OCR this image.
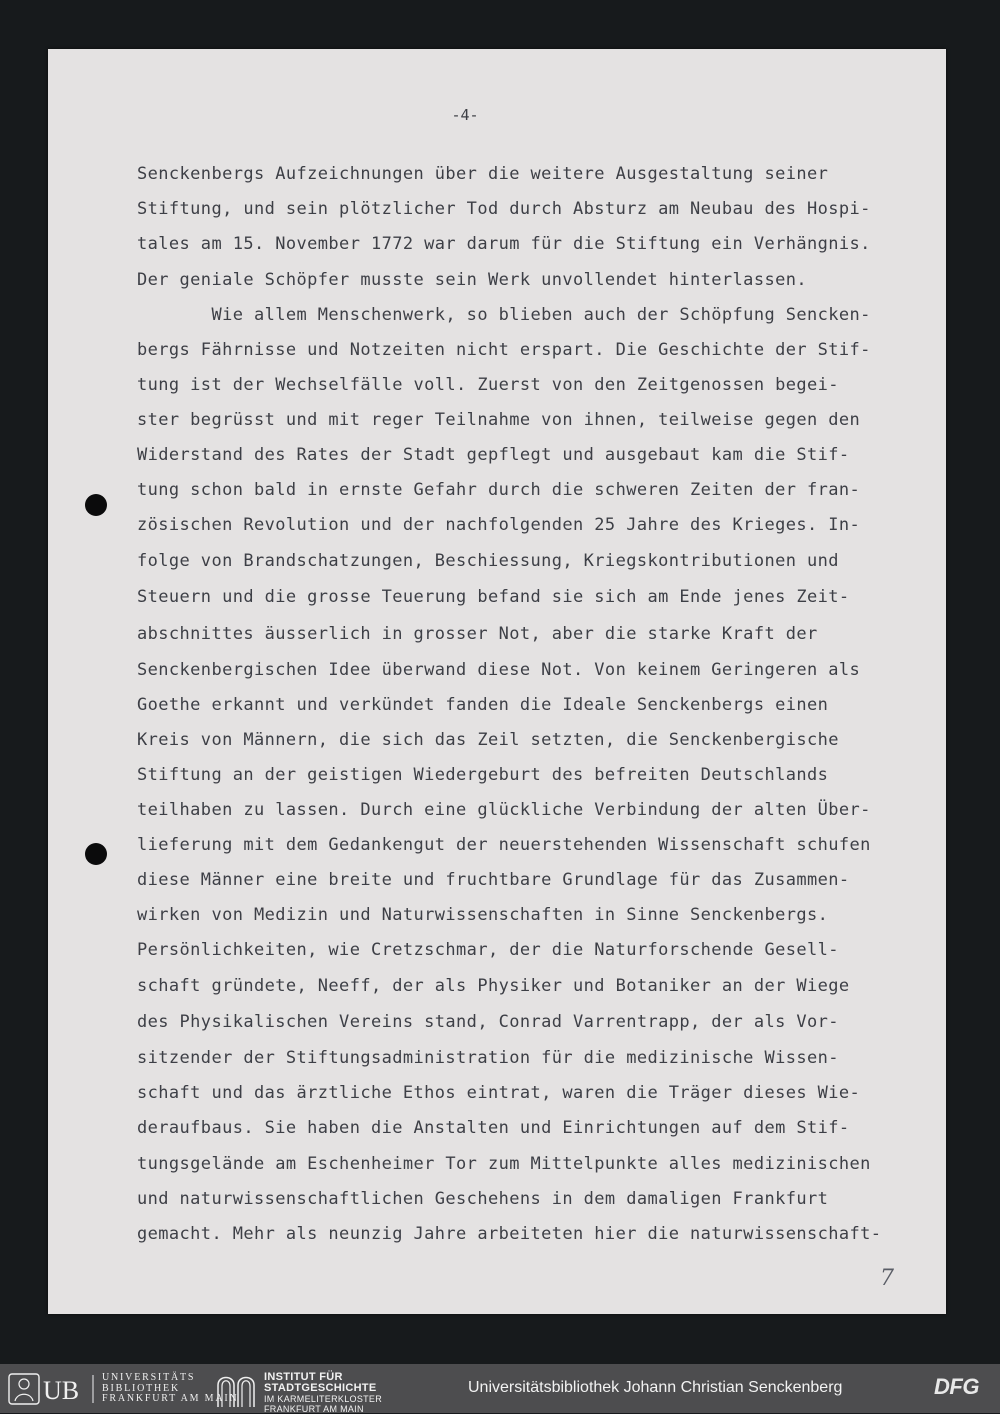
-4-
Senckenbergs Aufzeichnungen über die weitere Ausgestaltung seiner
Stiftung, und sein plötzlicher Tod durch Absturz am Neubau des Hospi-
tales am 15. November 1772 war darum für die Stiftung ein Verhängnis.
Der geniale Schöpfer musste sein Werk unvollendet hinterlassen.
Wie allem Menschenwerk, so blieben auch der Schöpfung Sencken-
bergs Fährnisse und Notzeiten nicht erspart. Die Geschichte der Stif-
tung ist der Wechselfälle voll. Zuerst von den Zeitgenossen begei-
ster begrüsst und mit reger Teilnahme von ihnen, teilweise gegen den
Widerstand des Rates der Stadt gepflegt und ausgebaut kam die Stif-
tung schon bald in ernste Gefahr durch die schweren Zeiten der fran-
zösischen Revolution und der nachfolgenden 25 Jahre des Krieges. In-
folge von Brandschatzungen, Beschiessung, Kriegskontributionen und
Steuern und die grosse Teuerung befand sie sich am Ende jenes Zeit-
abschnittes äusserlich in grosser Not, aber die starke Kraft der
Senckenbergischen Idee überwand diese Not. Von keinem Geringeren als
Goethe erkannt und verkündet fanden die Ideale Senckenbergs einen
Kreis von Männern, die sich das Zeil setzten, die Senckenbergische
Stiftung an der geistigen Wiedergeburt des befreiten Deutschlands
teilhaben zu lassen. Durch eine glückliche Verbindung der alten Über-
lieferung mit dem Gedankengut der neuerstehenden Wissenschaft schufen
diese Männer eine breite und fruchtbare Grundlage für das Zusammen-
wirken von Medizin und Naturwissenschaften in Sinne Senckenbergs.
Persönlichkeiten, wie Cretzschmar, der die Naturforschende Gesell-
schaft gründete, Neeff, der als Physiker und Botaniker an der Wiege
des Physikalischen Vereins stand, Conrad Varrentrapp, der als Vor-
sitzender der Stiftungsadministration für die medizinische Wissen-
schaft und das ärztliche Ethos eintrat, waren die Träger dieses Wie-
deraufbaus. Sie haben die Anstalten und Einrichtungen auf dem Stif-
tungsgelände am Eschenheimer Tor zum Mittelpunkte alles medizinischen
und naturwissenschaftlichen Geschehens in dem damaligen Frankfurt
gemacht. Mehr als neunzig Jahre arbeiteten hier die naturwissenschaft-
7
UB UNIVERSITÄTS
BIBLIOTHEK
FRANKFURT AM MAIN
INSTITUT FÜR
STADTGESCHICHTE
IM KARMELITERKLOSTER
FRANKFURT AM MAIN
Universitätsbibliothek Johann Christian Senckenberg	DFG
